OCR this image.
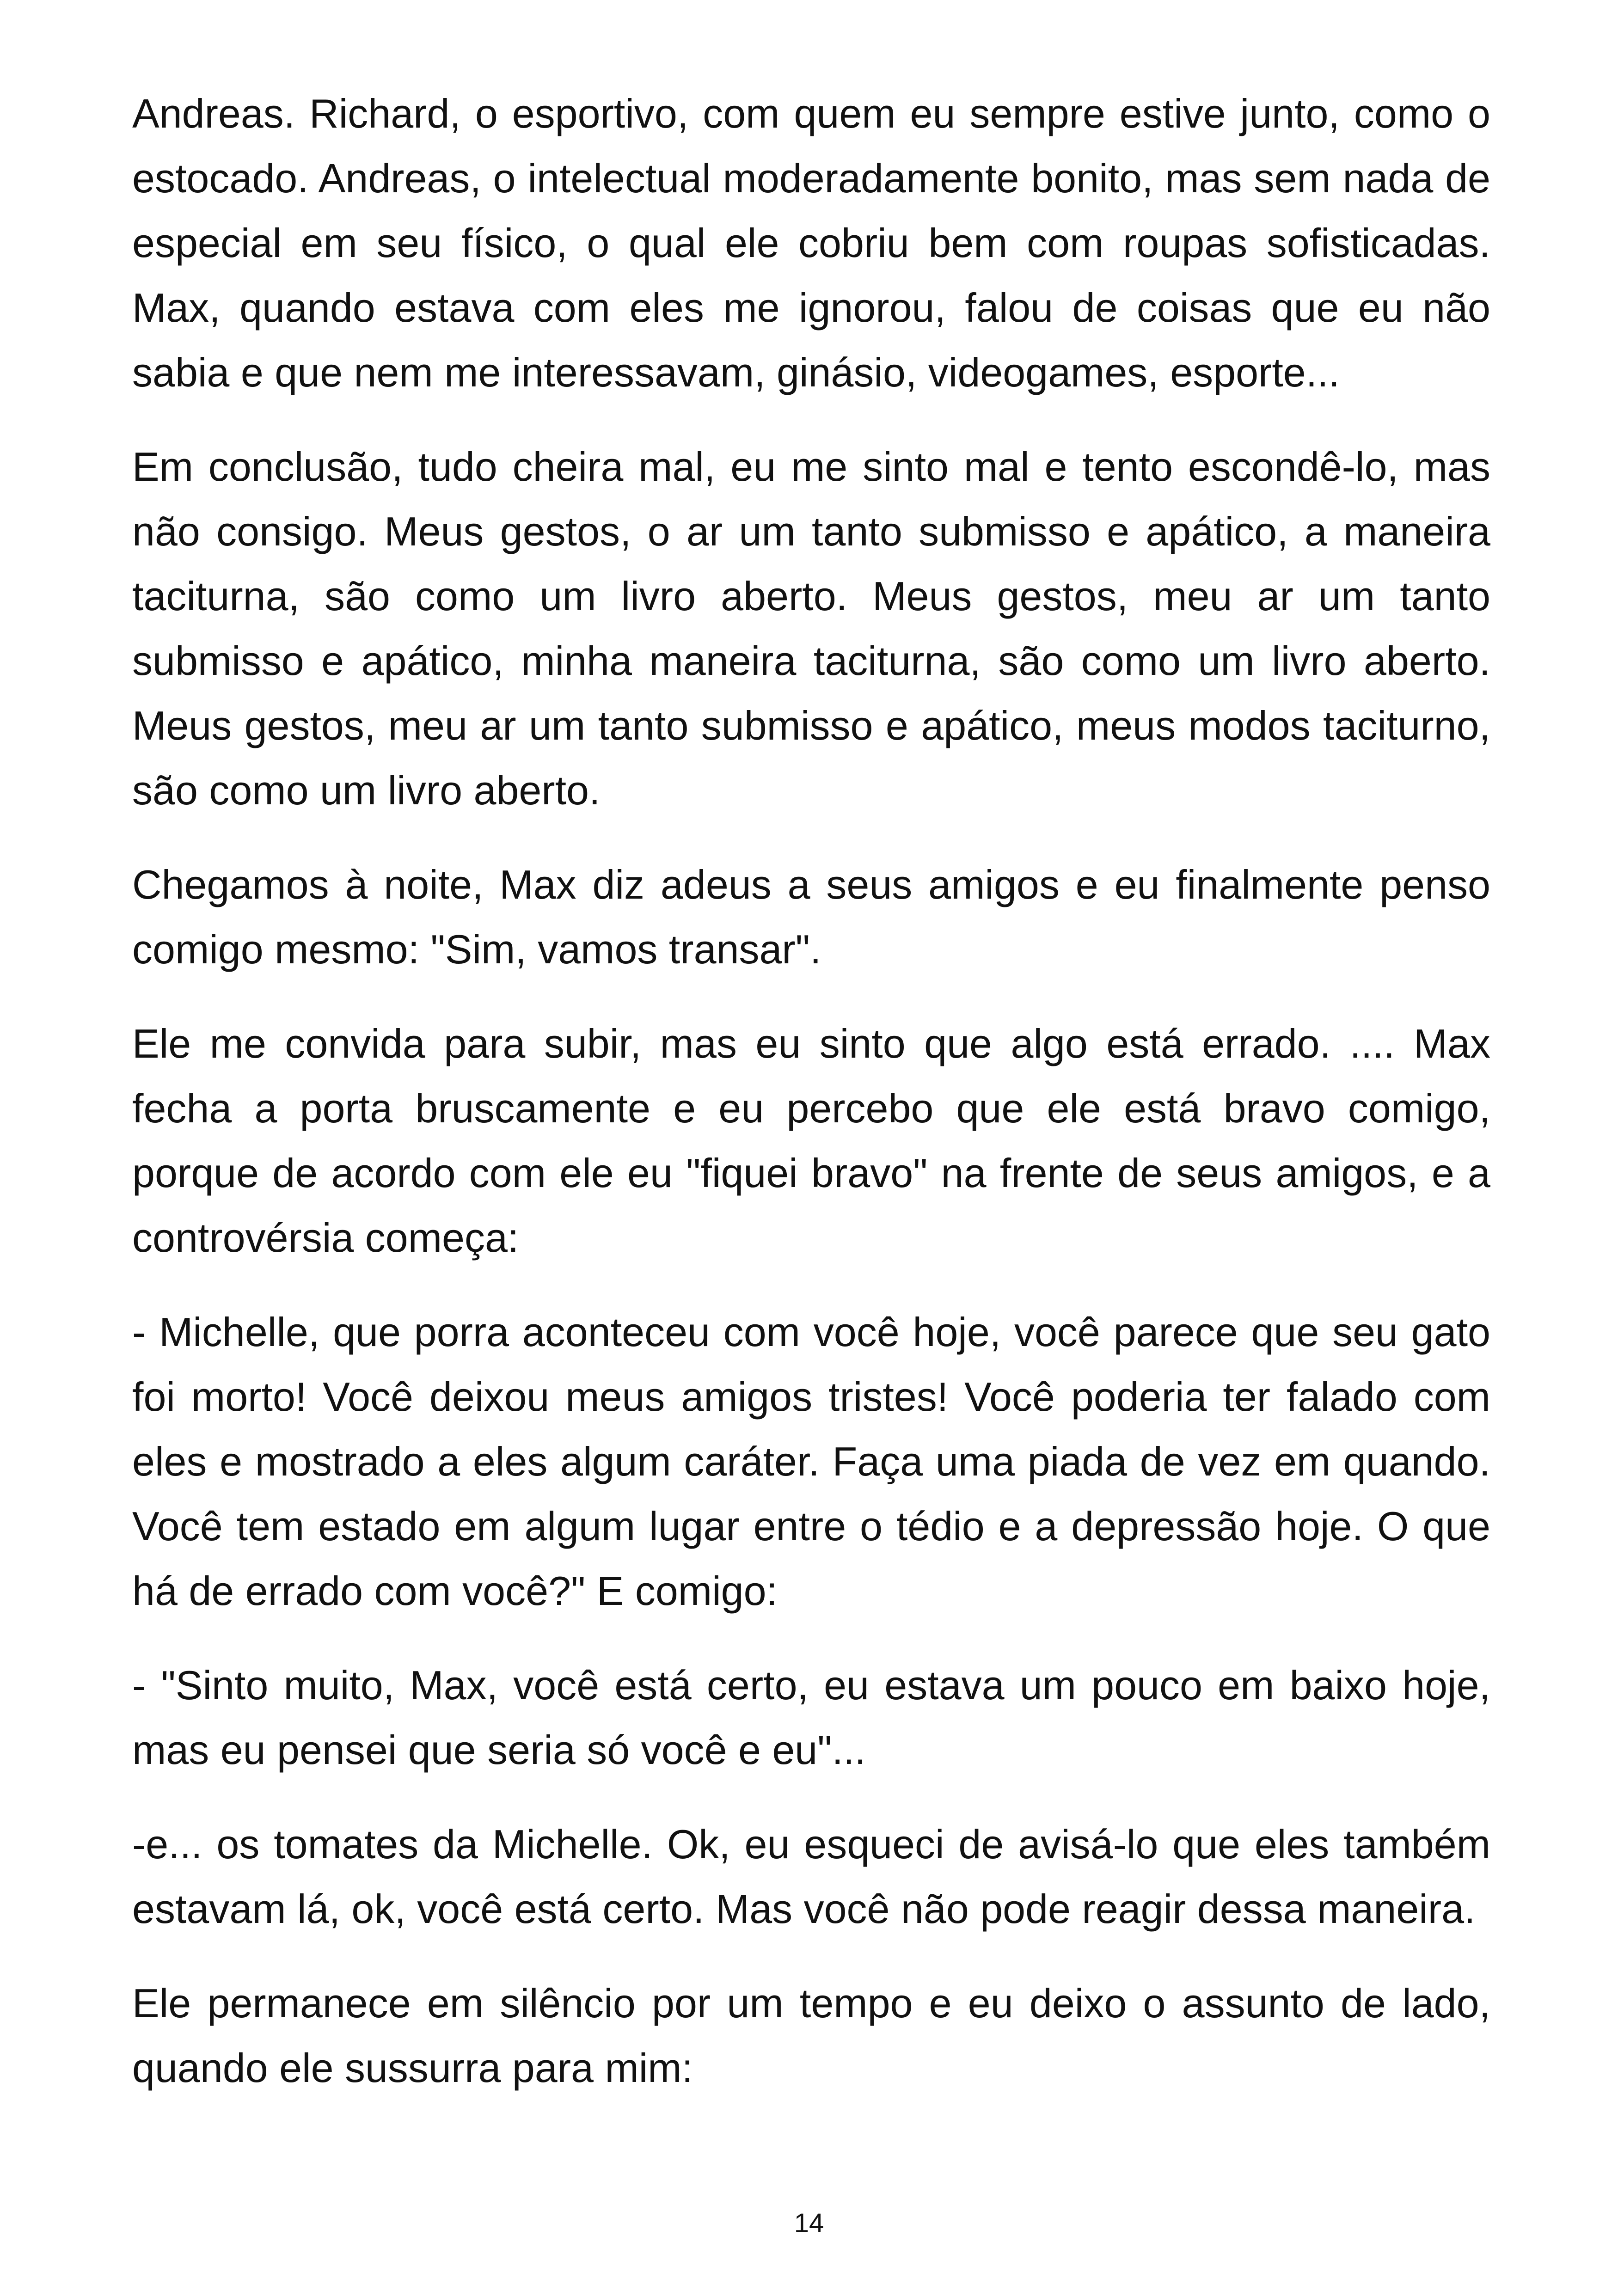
Andreas. Richard, o esportivo, com quem eu sempre estive junto, como o estocado. Andreas, o intelectual moderadamente bonito, mas sem nada de especial em seu físico, o qual ele cobriu bem com roupas sofisticadas. Max, quando estava com eles me ignorou, falou de coisas que eu não sabia e que nem me interessavam, ginásio, videogames, esporte...

Em conclusão, tudo cheira mal, eu me sinto mal e tento escondê-lo, mas não consigo. Meus gestos, o ar um tanto submisso e apático, a maneira taciturna, são como um livro aberto. Meus gestos, meu ar um tanto submisso e apático, minha maneira taciturna, são como um livro aberto. Meus gestos, meu ar um tanto submisso e apático, meus modos taciturno, são como um livro aberto.

Chegamos à noite, Max diz adeus a seus amigos e eu finalmente penso comigo mesmo: "Sim, vamos transar".

Ele me convida para subir, mas eu sinto que algo está errado. .... Max fecha a porta bruscamente e eu percebo que ele está bravo comigo, porque de acordo com ele eu "fiquei bravo" na frente de seus amigos, e a controvérsia começa:

- Michelle, que porra aconteceu com você hoje, você parece que seu gato foi morto! Você deixou meus amigos tristes! Você poderia ter falado com eles e mostrado a eles algum caráter. Faça uma piada de vez em quando. Você tem estado em algum lugar entre o tédio e a depressão hoje. O que há de errado com você?" E comigo:

- "Sinto muito, Max, você está certo, eu estava um pouco em baixo hoje, mas eu pensei que seria só você e eu"...

-e... os tomates da Michelle. Ok, eu esqueci de avisá-lo que eles também estavam lá, ok, você está certo. Mas você não pode reagir dessa maneira.

Ele permanece em silêncio por um tempo e eu deixo o assunto de lado, quando ele sussurra para mim:

14
